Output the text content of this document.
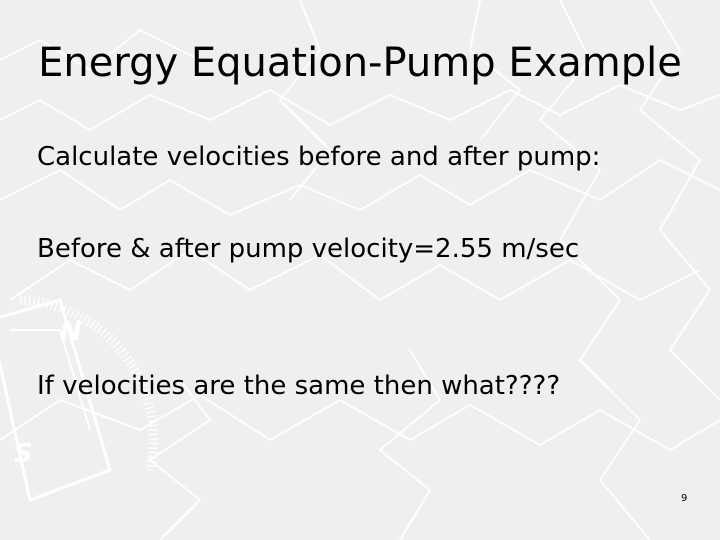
N
S
Energy Equation-Pump Example
Calculate velocities before and after pump:
Before & after pump velocity=2.55 m/sec
If velocities are the same then what????
9
